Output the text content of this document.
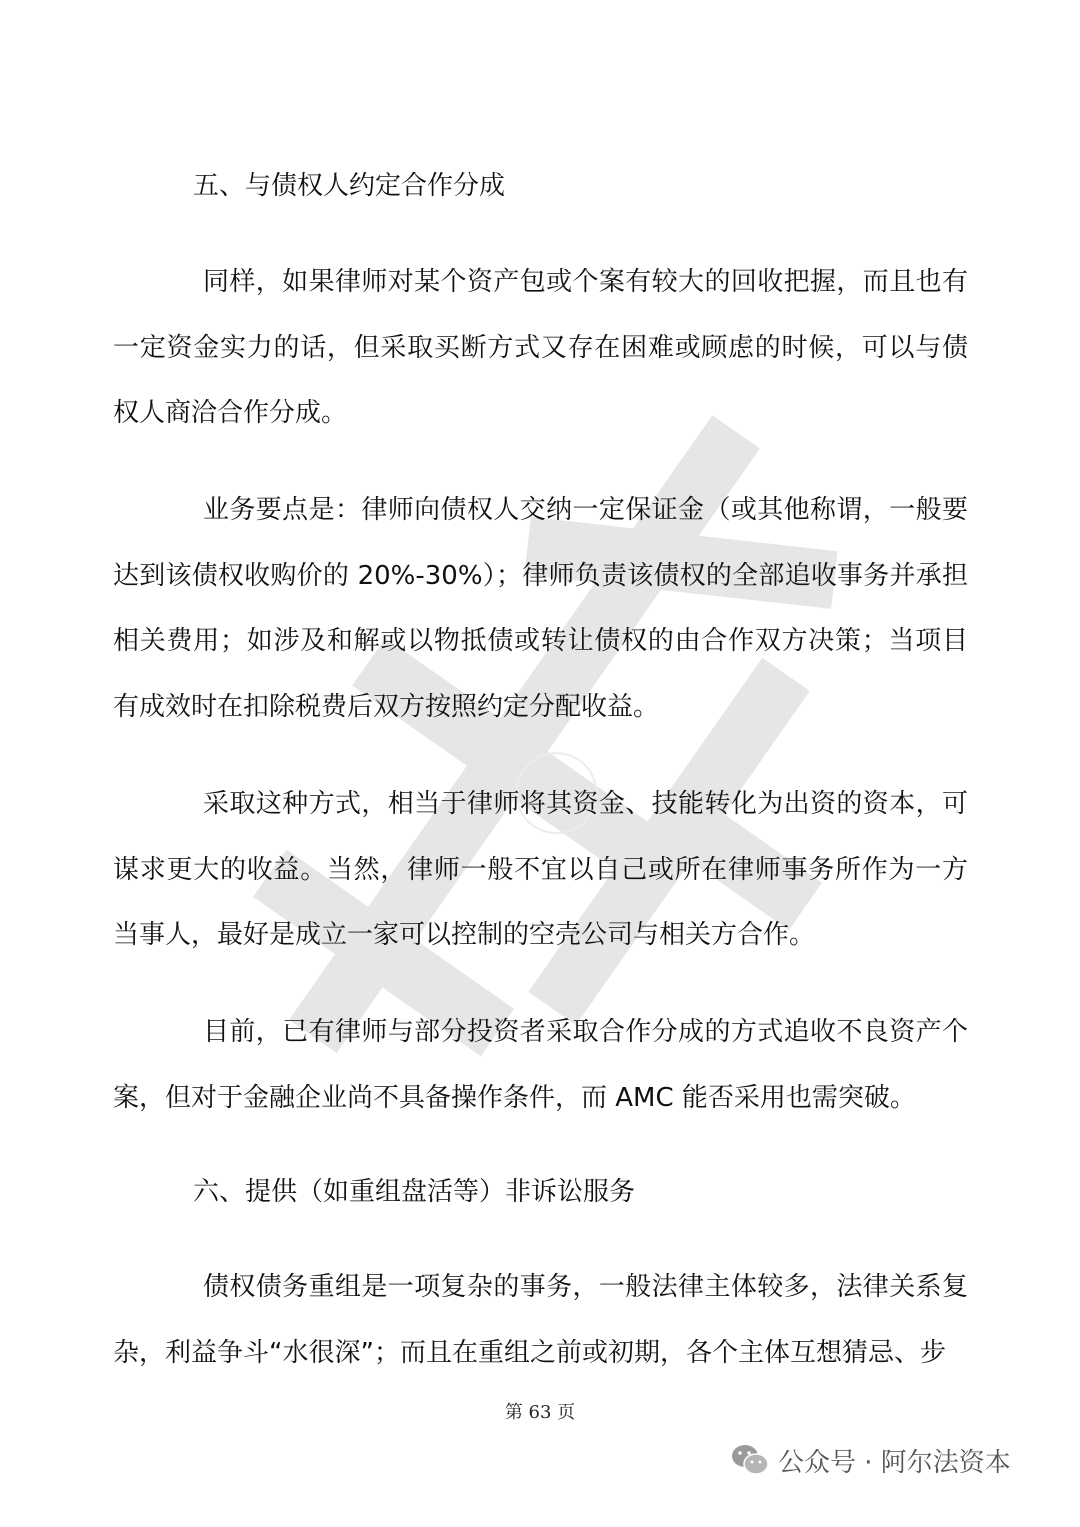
五、与债权人约定合作分成
同样，如果律师对某个资产包或个案有较大的回收把握，而且也有一定资金实力的话，但采取买断方式又存在困难或顾虑的时候，可以与债权人商洽合作分成。
业务要点是：律师向债权人交纳一定保证金（或其他称谓，一般要达到该债权收购价的 20%-30%）；律师负责该债权的全部追收事务并承担相关费用；如涉及和解或以物抵债或转让债权的由合作双方决策；当项目有成效时在扣除税费后双方按照约定分配收益。
采取这种方式，相当于律师将其资金、技能转化为出资的资本，可谋求更大的收益。当然，律师一般不宜以自己或所在律师事务所作为一方当事人，最好是成立一家可以控制的空壳公司与相关方合作。
目前，已有律师与部分投资者采取合作分成的方式追收不良资产个案，但对于金融企业尚不具备操作条件，而 AMC 能否采用也需突破。
六、提供（如重组盘活等）非诉讼服务
债权债务重组是一项复杂的事务，一般法律主体较多，法律关系复杂，利益争斗“水很深”；而且在重组之前或初期，各个主体互想猜忌、步
第 63 页
公众号 · 阿尔法资本
